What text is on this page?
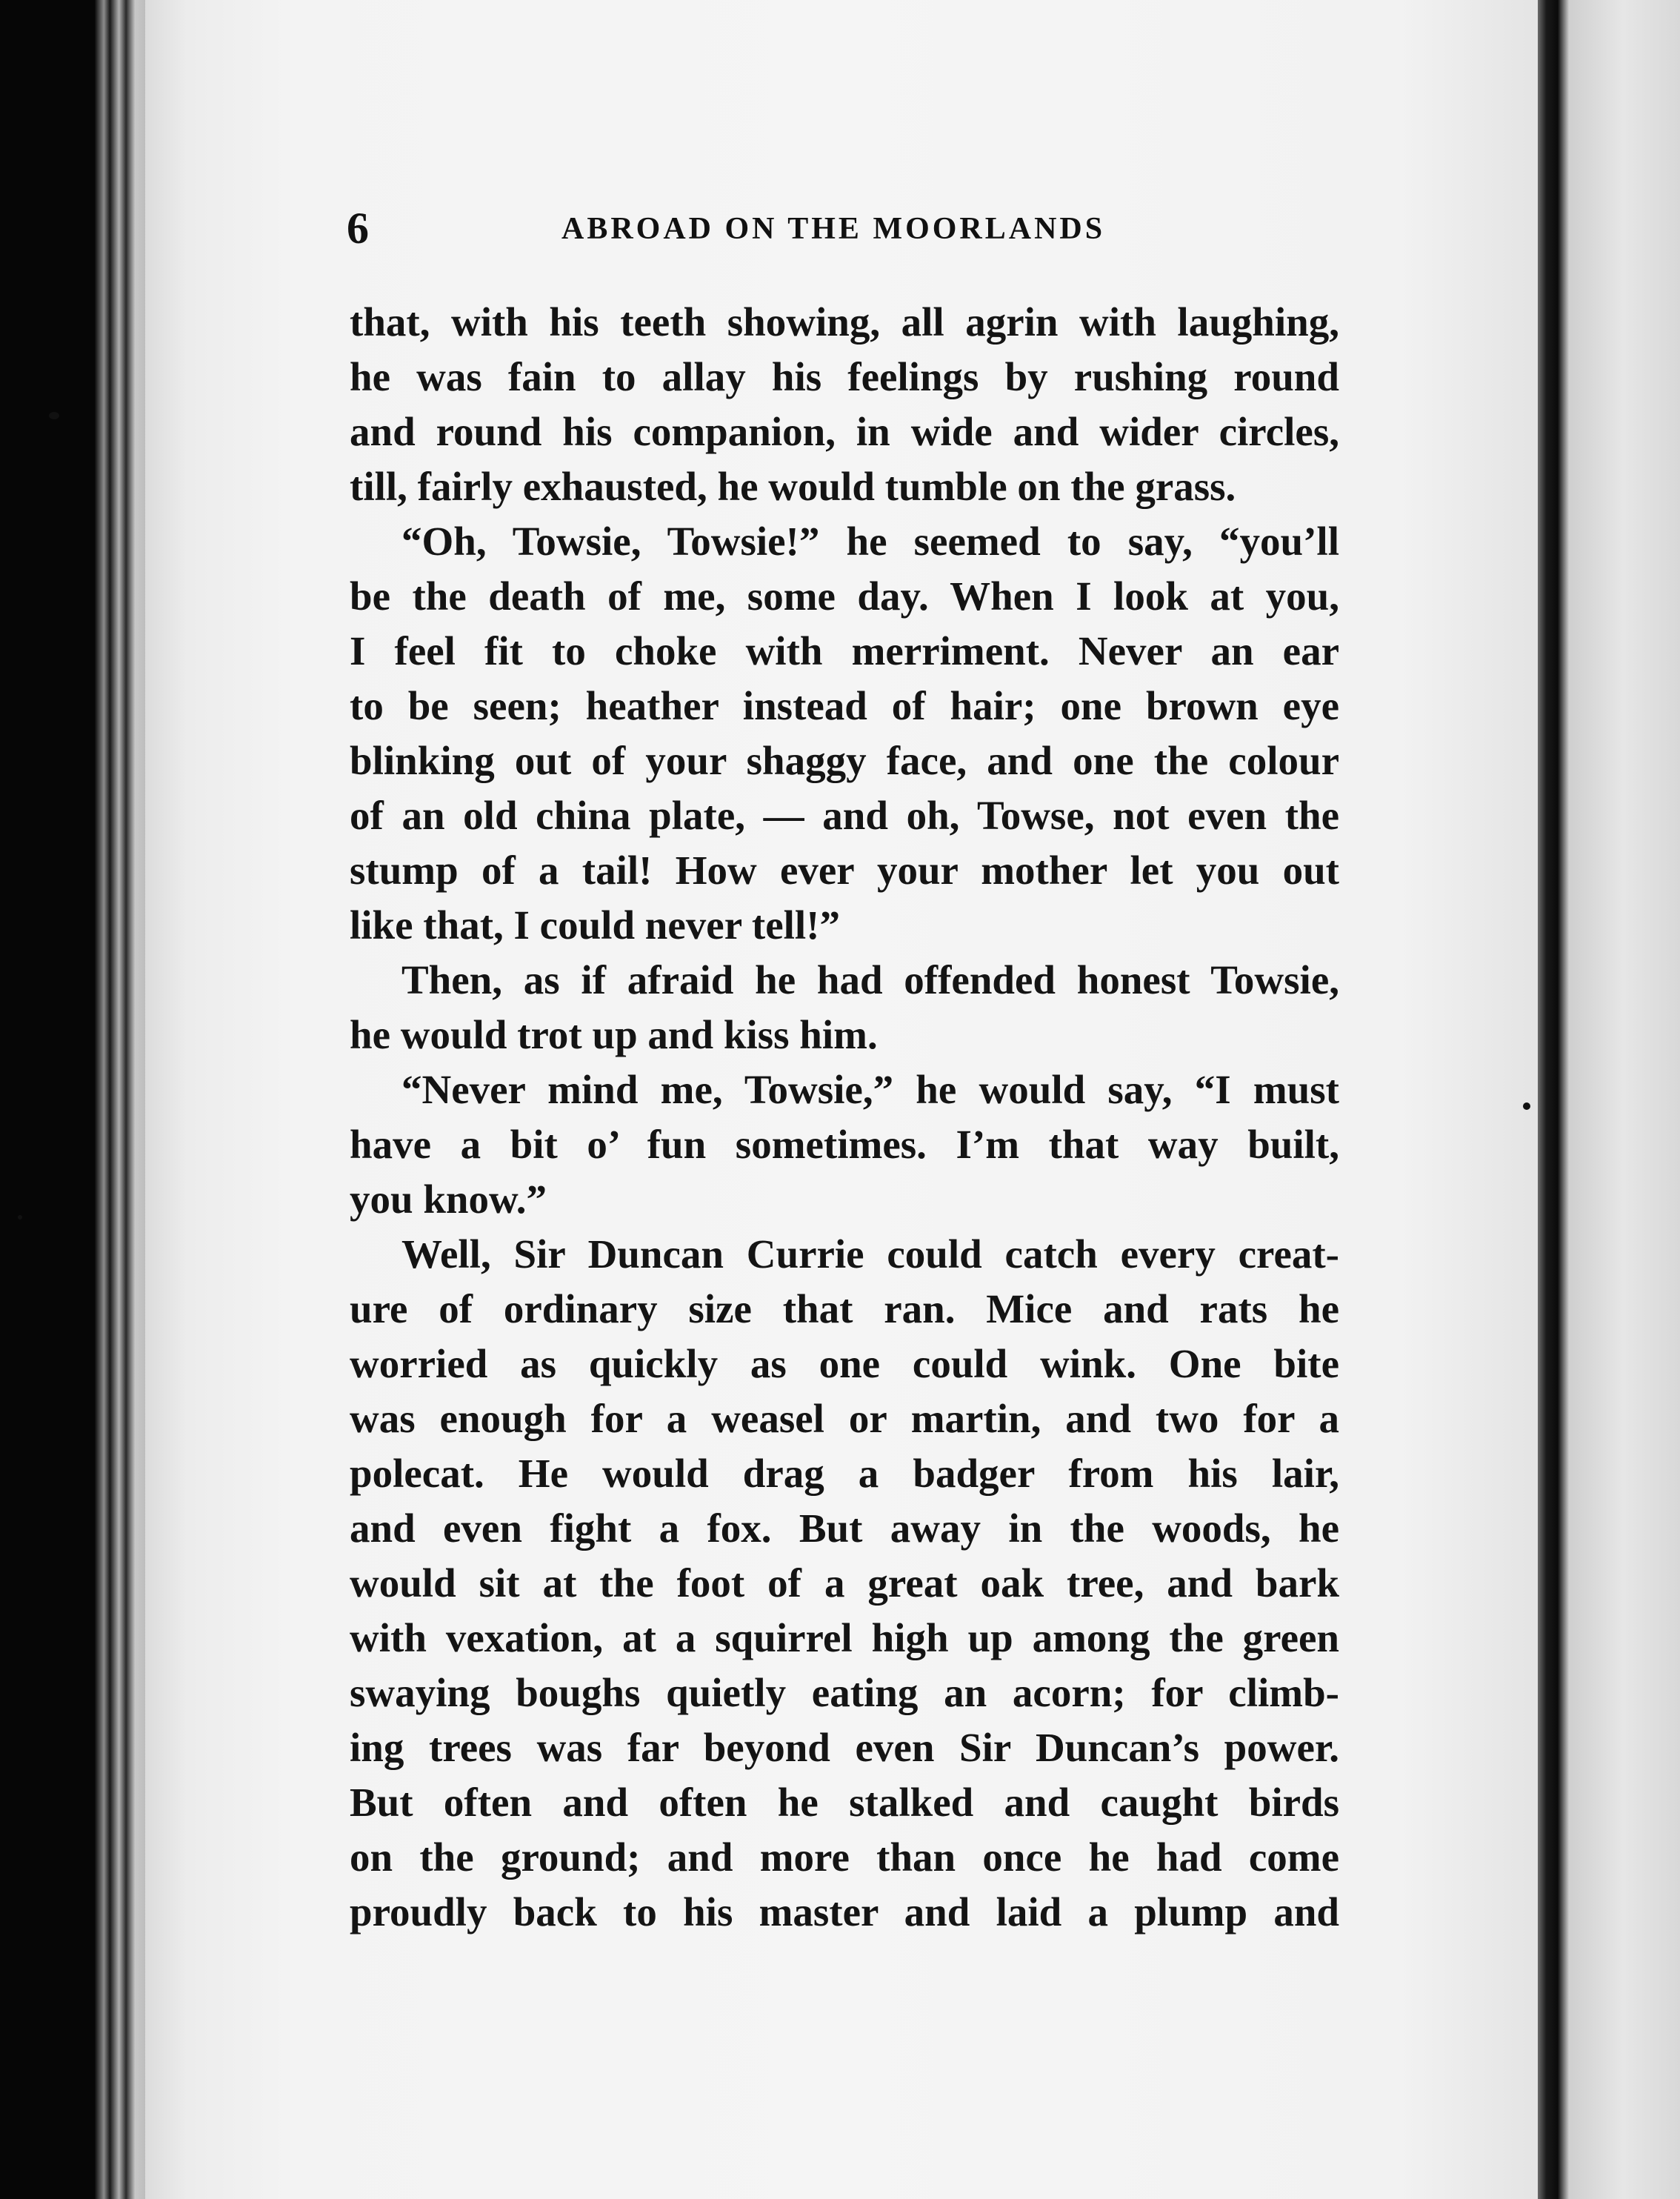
6	ABROAD ON THE MOORLANDS
that, with his teeth showing, all agrin with laughing,
he was fain to allay his feelings by rushing round
and round his companion, in wide and wider circles,
till, fairly exhausted, he would tumble on the grass.
“Oh, Towsie, Towsie!” he seemed to say, “you’ll
be the death of me, some day. When I look at you,
I feel fit to choke with merriment. Never an ear
to be seen; heather instead of hair; one brown eye
blinking out of your shaggy face, and one the colour
of an old china plate, — and oh, Towse, not even the
stump of a tail! How ever your mother let you out
like that, I could never tell!”
Then, as if afraid he had offended honest Towsie,
he would trot up and kiss him.
“Never mind me, Towsie,” he would say, “I must
have a bit o’ fun sometimes. I’m that way built,
you know.”
Well, Sir Duncan Currie could catch every creat-
ure of ordinary size that ran. Mice and rats he
worried as quickly as one could wink. One bite
was enough for a weasel or martin, and two for a
polecat. He would drag a badger from his lair,
and even fight a fox. But away in the woods, he
would sit at the foot of a great oak tree, and bark
with vexation, at a squirrel high up among the green
swaying boughs quietly eating an acorn; for climb-
ing trees was far beyond even Sir Duncan’s power.
But often and often he stalked and caught birds
on the ground; and more than once he had come
proudly back to his master and laid a plump and
